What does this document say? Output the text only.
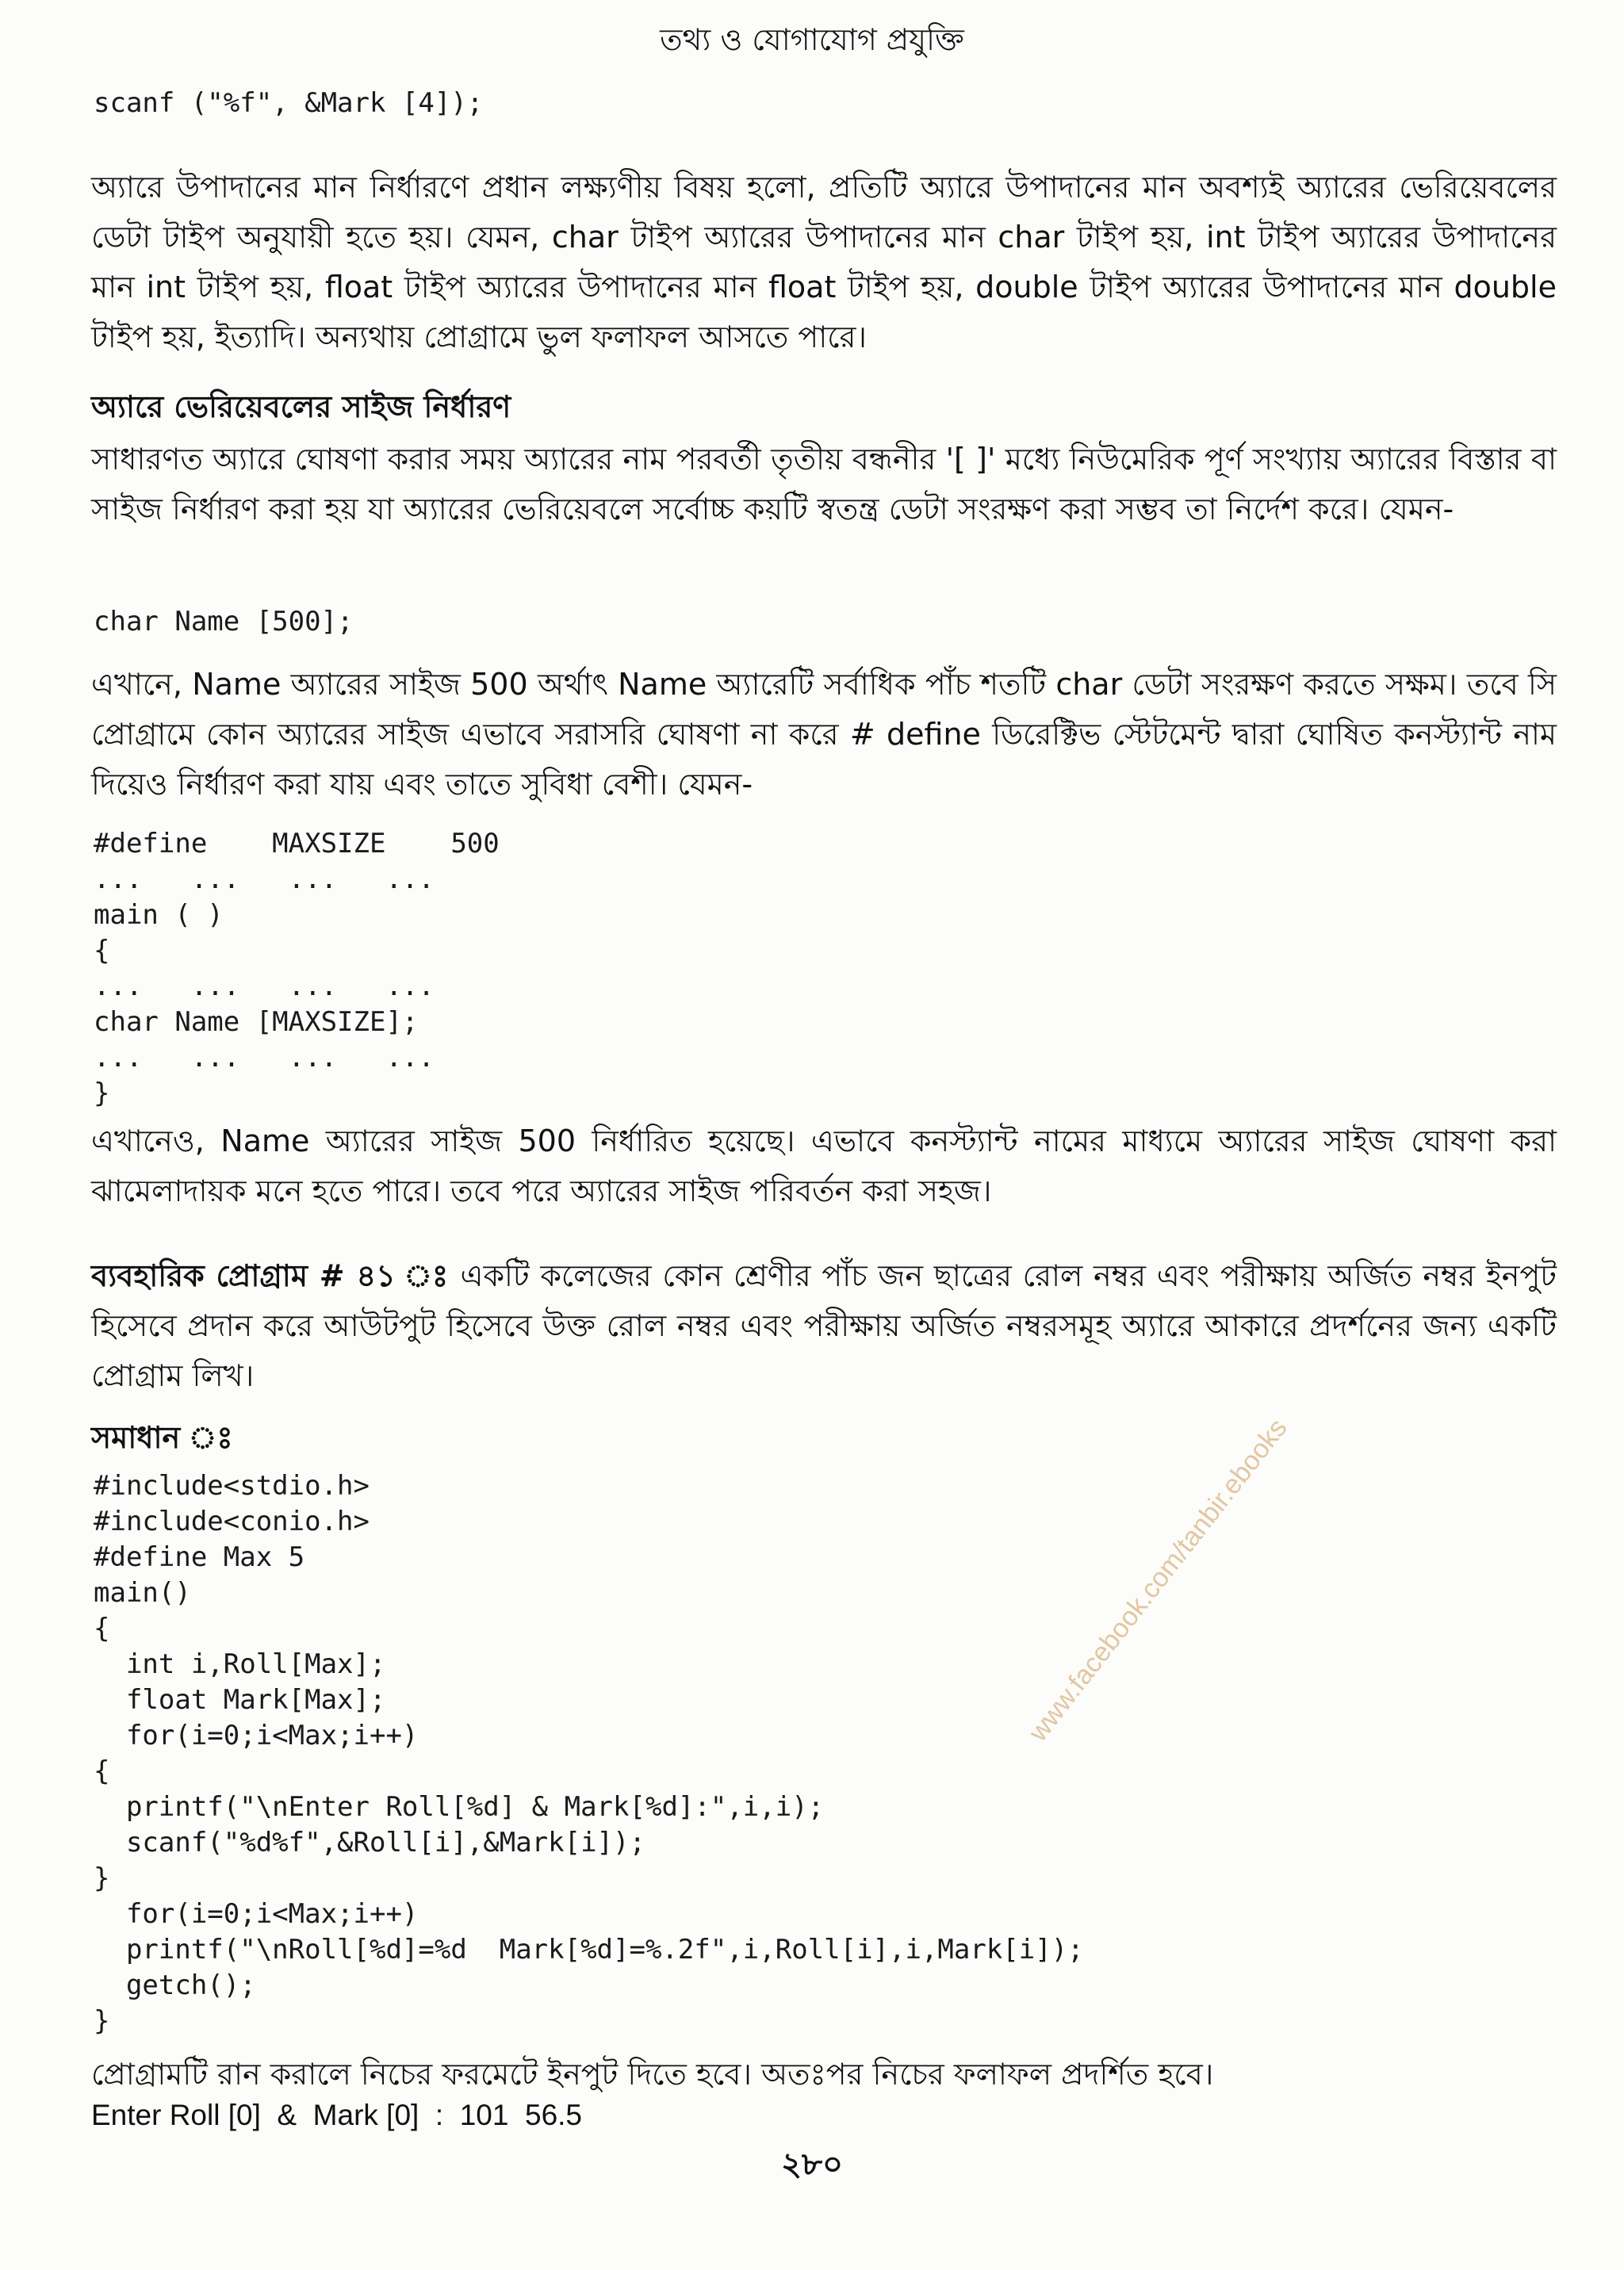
তথ্য ও যোগাযোগ প্রযুক্তি
scanf ("%f", &Mark [4]);

অ্যারে উপাদানের মান নির্ধারণে প্রধান লক্ষ্যণীয় বিষয় হলো, প্রতিটি অ্যারে উপাদানের মান অবশ্যই অ্যারের ভেরিয়েবলের ডেটা টাইপ অনুযায়ী হতে হয়। যেমন, char টাইপ অ্যারের উপাদানের মান char টাইপ হয়, int টাইপ অ্যারের উপাদানের মান int টাইপ হয়, float টাইপ অ্যারের উপাদানের মান float টাইপ হয়, double টাইপ অ্যারের উপাদানের মান double টাইপ হয়, ইত্যাদি। অন্যথায় প্রোগ্রামে ভুল ফলাফল আসতে পারে।

অ্যারে ভেরিয়েবলের সাইজ নির্ধারণ

সাধারণত অ্যারে ঘোষণা করার সময় অ্যারের নাম পরবর্তী তৃতীয় বন্ধনীর '[ ]' মধ্যে নিউমেরিক পূর্ণ সংখ্যায় অ্যারের বিস্তার বা সাইজ নির্ধারণ করা হয় যা অ্যারের ভেরিয়েবলে সর্বোচ্চ কয়টি স্বতন্ত্র ডেটা সংরক্ষণ করা সম্ভব তা নির্দেশ করে। যেমন-

char Name [500];

এখানে, Name অ্যারের সাইজ 500 অর্থাৎ Name অ্যারেটি সর্বাধিক পাঁচ শতটি char ডেটা সংরক্ষণ করতে সক্ষম। তবে সি প্রোগ্রামে কোন অ্যারের সাইজ এভাবে সরাসরি ঘোষণা না করে # define ডিরেক্টিভ স্টেটমেন্ট দ্বারা ঘোষিত কনস্ট্যান্ট নাম দিয়েও নির্ধারণ করা যায় এবং তাতে সুবিধা বেশী। যেমন-

#define    MAXSIZE    500
...   ...   ...   ...
main ( )
{
...   ...   ...   ...
char Name [MAXSIZE];
...   ...   ...   ...
}

এখানেও, Name অ্যারের সাইজ 500 নির্ধারিত হয়েছে। এভাবে কনস্ট্যান্ট নামের মাধ্যমে অ্যারের সাইজ ঘোষণা করা ঝামেলাদায়ক মনে হতে পারে। তবে পরে অ্যারের সাইজ পরিবর্তন করা সহজ।

ব্যবহারিক প্রোগ্রাম # ৪১ ঃ একটি কলেজের কোন শ্রেণীর পাঁচ জন ছাত্রের রোল নম্বর এবং পরীক্ষায় অর্জিত নম্বর ইনপুট হিসেবে প্রদান করে আউটপুট হিসেবে উক্ত রোল নম্বর এবং পরীক্ষায় অর্জিত নম্বরসমূহ অ্যারে আকারে প্রদর্শনের জন্য একটি প্রোগ্রাম লিখ।

সমাধান ঃ
#include<stdio.h>
#include<conio.h>
#define Max 5
main()
{
int i,Roll[Max];
float Mark[Max];
for(i=0;i<Max;i++)
{
printf("\nEnter Roll[%d] & Mark[%d]:",i,i);
scanf("%d%f",&Roll[i],&Mark[i]);
}
for(i=0;i<Max;i++)
printf("\nRoll[%d]=%d  Mark[%d]=%.2f",i,Roll[i],i,Mark[i]);
getch();
}

প্রোগ্রামটি রান করালে নিচের ফরমেটে ইনপুট দিতে হবে। অতঃপর নিচের ফলাফল প্রদর্শিত হবে।

Enter Roll [0]  &  Mark [0]  :  101  56.5
২৮০
www.facebook.com/tanbir.ebooks
